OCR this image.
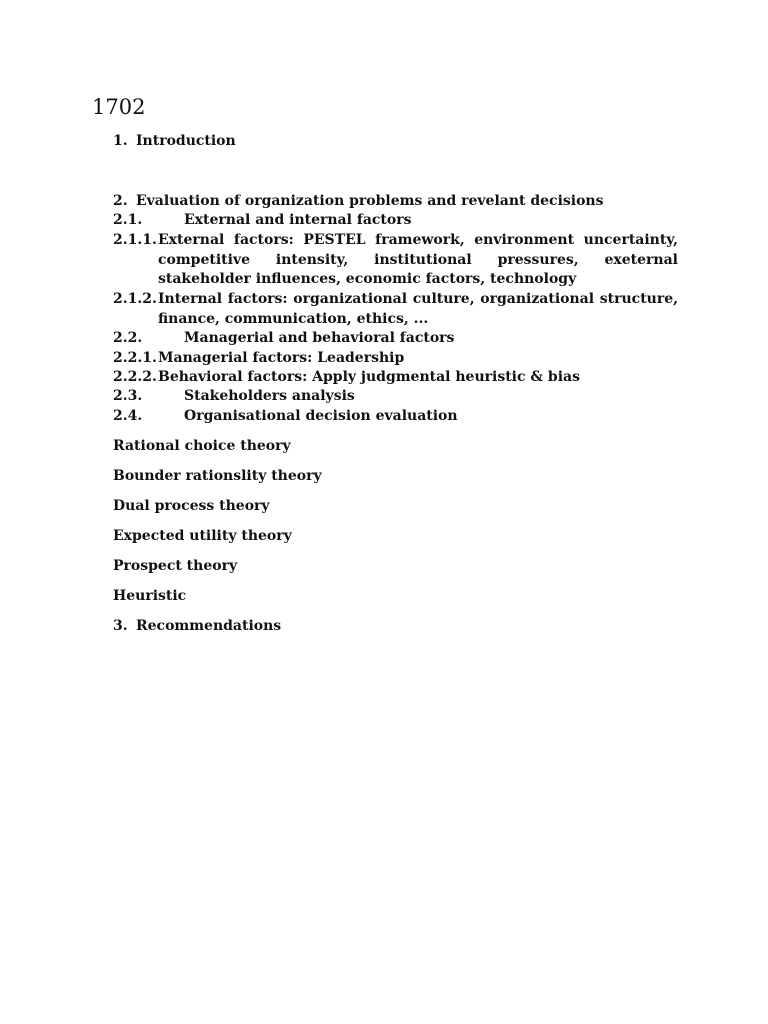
1702
1. Introduction
2. Evaluation of organization problems and revelant decisions
2.1.	External and internal factors
2.1.1. External factors: PESTEL framework, environment uncertainty, competitive intensity, institutional pressures, exeternal stakeholder influences, economic factors, technology
2.1.2. Internal factors: organizational culture, organizational structure, finance, communication, ethics, ...
2.2.	Managerial and behavioral factors
2.2.1. Managerial factors: Leadership
2.2.2. Behavioral factors: Apply judgmental heuristic & bias
2.3.	Stakeholders analysis
2.4.	Organisational decision evaluation
Rational choice theory
Bounder rationslity theory
Dual process theory
Expected utility theory
Prospect theory
Heuristic
3. Recommendations
